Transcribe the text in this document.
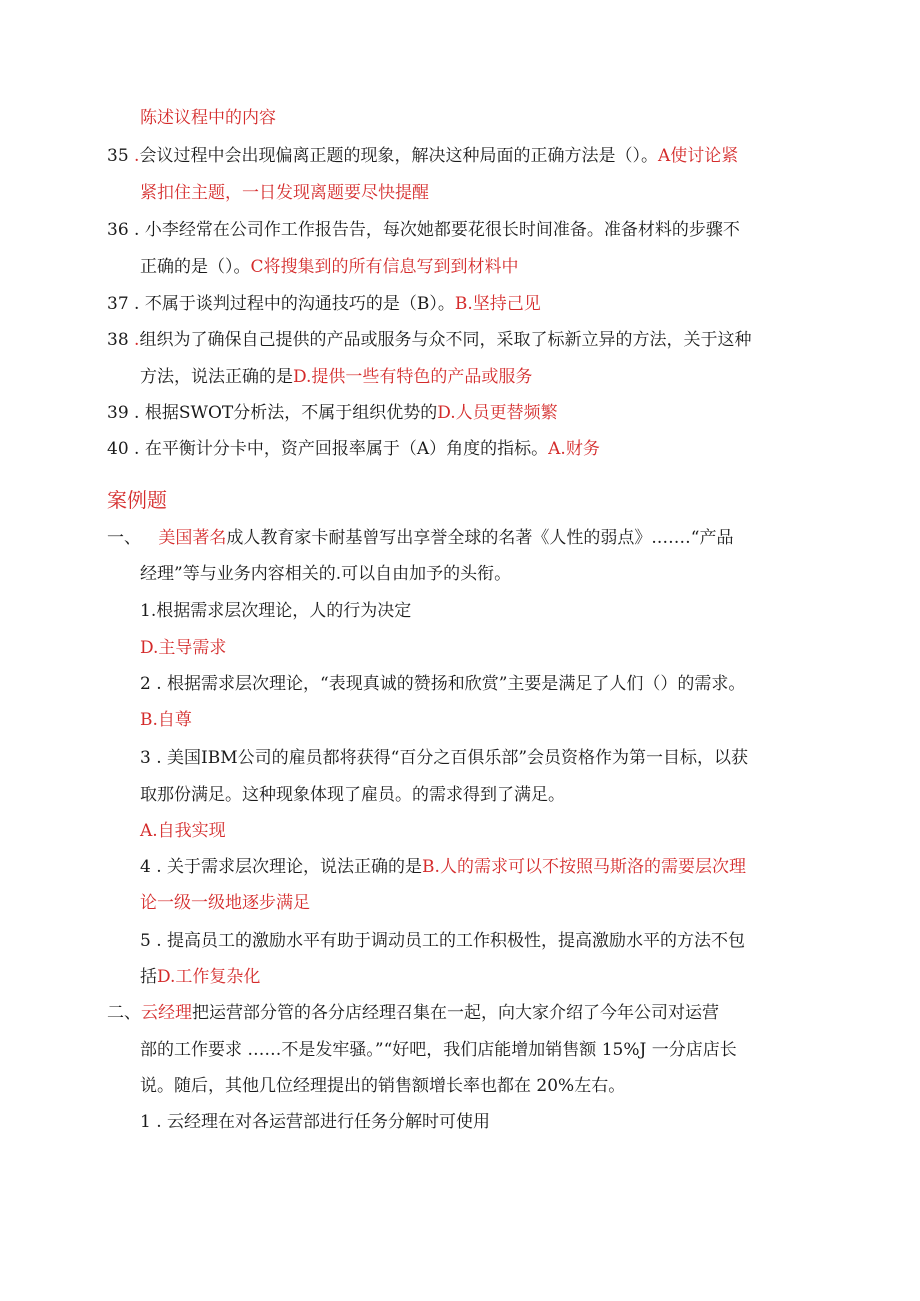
陈述议程中的内容
35 .会议过程中会出现偏离正题的现象，解决这种局面的正确方法是（）。A使讨论紧
紧扣住主题，一日发现离题要尽快提醒
36 . 小李经常在公司作工作报告告，每次她都要花很长时间准备。准备材料的步骤不
正确的是（）。C将搜集到的所有信息写到到材料中
37 . 不属于谈判过程中的沟通技巧的是（B）。B.坚持己见
38 .组织为了确保自己提供的产品或服务与众不同，采取了标新立异的方法，关于这种
方法，说法正确的是D.提供一些有特色的产品或服务
39 . 根据SWOT分析法，不属于组织优势的D.人员更替频繁
40 . 在平衡计分卡中，资产回报率属于（A）角度的指标。A.财务
案例题
一、 美国著名成人教育家卡耐基曾写出享誉全球的名著《人性的弱点》.……“产品
经理”等与业务内容相关的.可以自由加予的头衔。
1.根据需求层次理论，人的行为决定
D.主导需求
2 . 根据需求层次理论，“表现真诚的赞扬和欣赏”主要是满足了人们（）的需求。
B.自尊
3 . 美国IBM公司的雇员都将获得“百分之百俱乐部”会员资格作为第一目标，以获
取那份满足。这种现象体现了雇员。的需求得到了满足。
A.自我实现
4 . 关于需求层次理论，说法正确的是B.人的需求可以不按照马斯洛的需要层次理
论一级一级地逐步满足
5 . 提高员工的激励水平有助于调动员工的工作积极性，提高激励水平的方法不包
括D.工作复杂化
二、云经理把运营部分管的各分店经理召集在一起，向大家介绍了今年公司对运营
部的工作要求 ……不是发牢骚。”“好吧，我们店能增加销售额 15%J 一分店店长
说。随后，其他几位经理提出的销售额增长率也都在 20%左右。
1 . 云经理在对各运营部进行任务分解时可使用
